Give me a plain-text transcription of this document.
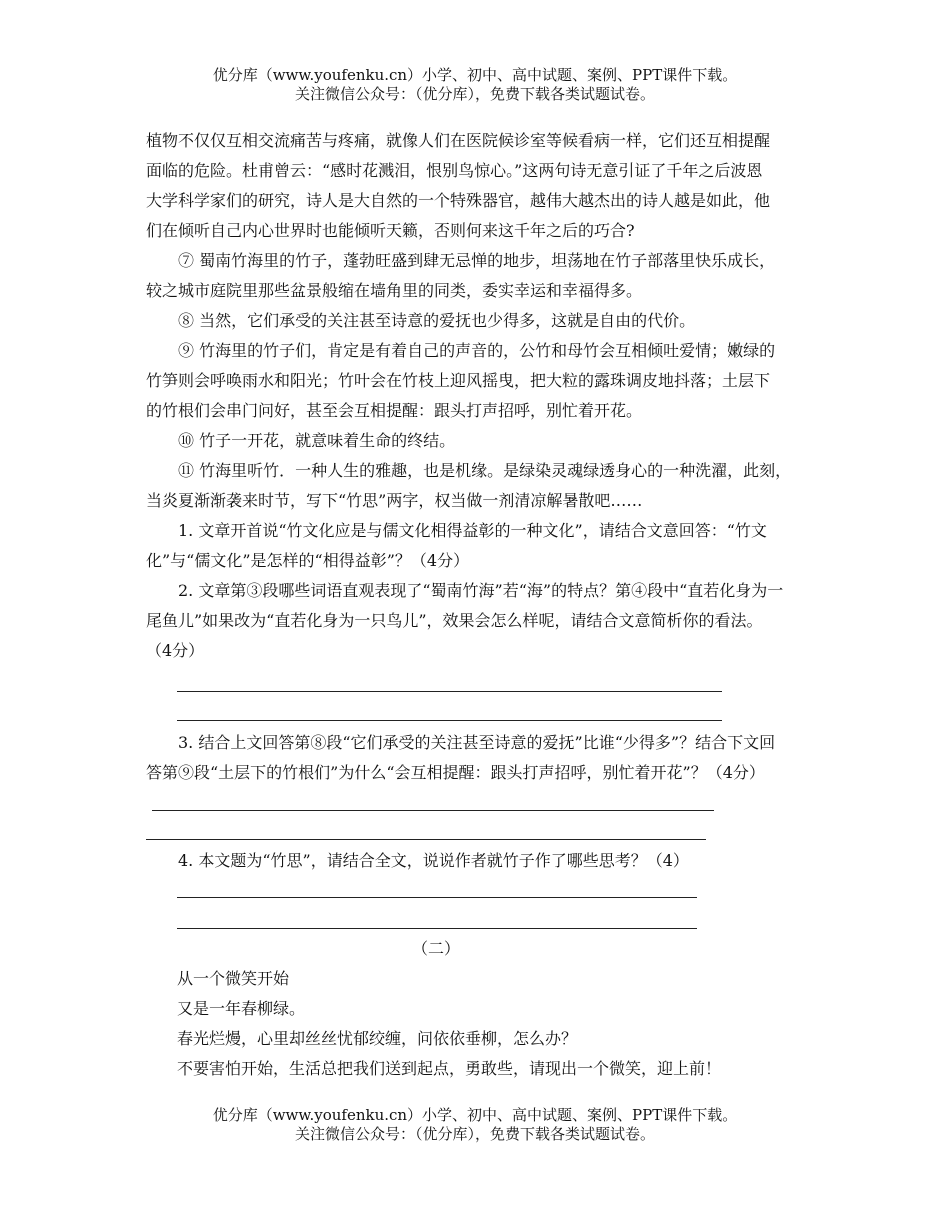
优分库（www.youfenku.cn）小学、初中、高中试题、案例、PPT课件下载。
关注微信公众号：（优分库），免费下载各类试题试卷。
植物不仅仅互相交流痛苦与疼痛，就像人们在医院候诊室等候看病一样，它们还互相提醒
面临的危险。杜甫曾云：“感时花溅泪，恨别鸟惊心。”这两句诗无意引证了千年之后波恩
大学科学家们的研究，诗人是大自然的一个特殊器官，越伟大越杰出的诗人越是如此，他
们在倾听自己内心世界时也能倾听天籁，否则何来这千年之后的巧合?
⑦ 蜀南竹海里的竹子，蓬勃旺盛到肆无忌惮的地步，坦荡地在竹子部落里快乐成长，
较之城市庭院里那些盆景般缩在墙角里的同类，委实幸运和幸福得多。
⑧ 当然，它们承受的关注甚至诗意的爱抚也少得多，这就是自由的代价。
⑨ 竹海里的竹子们，肯定是有着自己的声音的，公竹和母竹会互相倾吐爱情；嫩绿的
竹笋则会呼唤雨水和阳光；竹叶会在竹枝上迎风摇曳，把大粒的露珠调皮地抖落；土层下
的竹根们会串门问好，甚至会互相提醒：跟头打声招呼，别忙着开花。
⑩ 竹子一开花，就意味着生命的终结。
⑪ 竹海里听竹．一种人生的雅趣，也是机缘。是绿染灵魂绿透身心的一种洗濯，此刻，
当炎夏渐渐袭来时节，写下“竹思”两字，权当做一剂清凉解暑散吧……
1. 文章开首说“竹文化应是与儒文化相得益彰的一种文化”，请结合文意回答：“竹文
化”与“儒文化”是怎样的“相得益彰”？（4分）
2. 文章第③段哪些词语直观表现了“蜀南竹海”若“海”的特点？第④段中“直若化身为一
尾鱼儿”如果改为“直若化身为一只鸟儿”，效果会怎么样呢，请结合文意简析你的看法。
（4分）
3. 结合上文回答第⑧段“它们承受的关注甚至诗意的爱抚”比谁“少得多”？结合下文回
答第⑨段“土层下的竹根们”为什么“会互相提醒：跟头打声招呼，别忙着开花”？（4分）
4. 本文题为“竹思”，请结合全文，说说作者就竹子作了哪些思考？（4）
（二）
从一个微笑开始
又是一年春柳绿。
春光烂熳，心里却丝丝忧郁绞缠，问依依垂柳，怎么办？
不要害怕开始，生活总把我们送到起点，勇敢些，请现出一个微笑，迎上前！
优分库（www.youfenku.cn）小学、初中、高中试题、案例、PPT课件下载。
关注微信公众号：（优分库），免费下载各类试题试卷。
